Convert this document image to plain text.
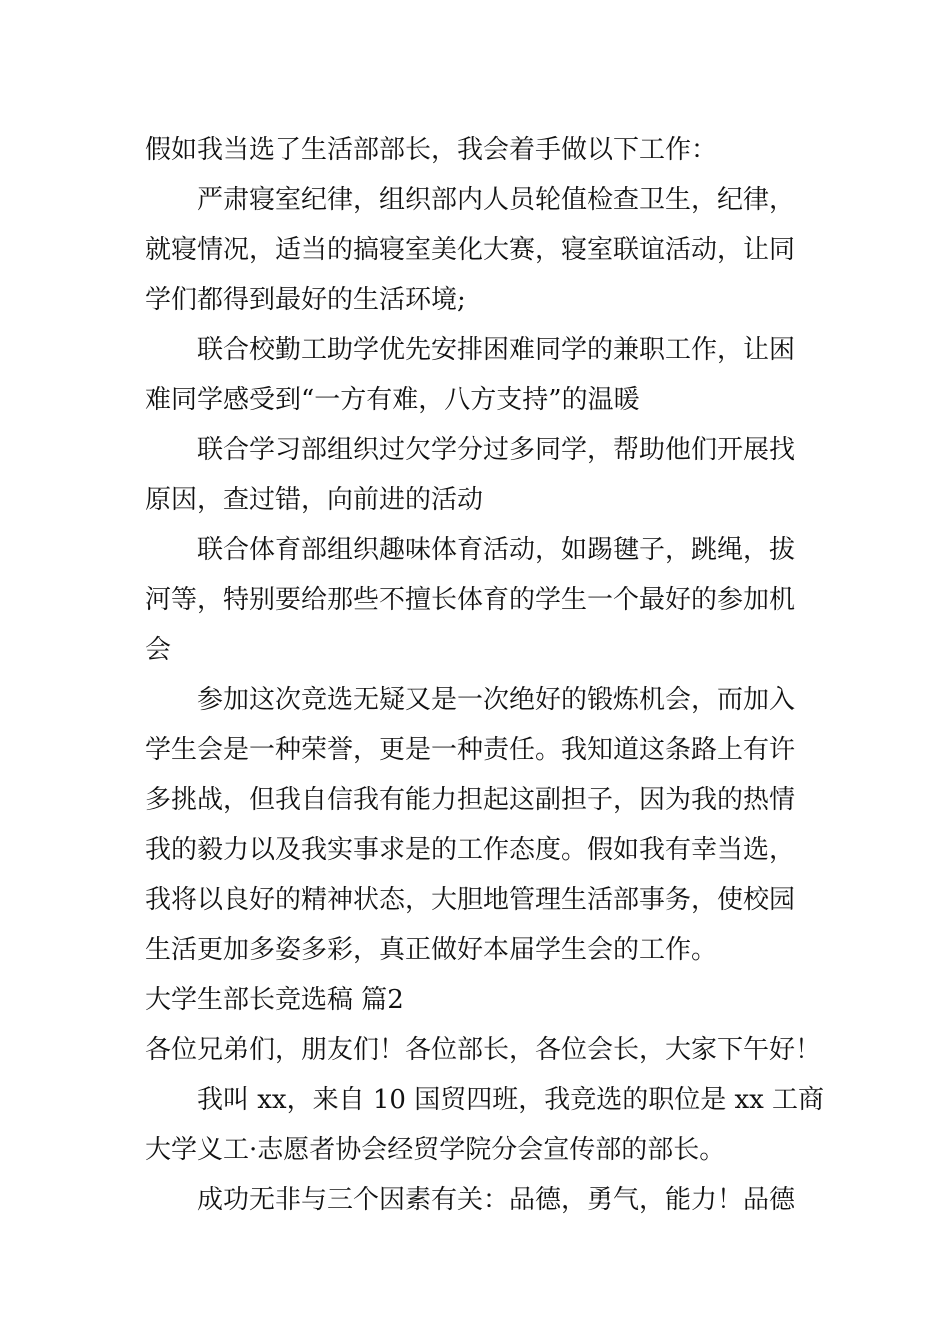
假如我当选了生活部部长，我会着手做以下工作：
严肃寝室纪律，组织部内人员轮值检查卫生，纪律，
就寝情况，适当的搞寝室美化大赛，寝室联谊活动，让同
学们都得到最好的生活环境;
联合校勤工助学优先安排困难同学的兼职工作，让困
难同学感受到“一方有难，八方支持”的温暖
联合学习部组织过欠学分过多同学，帮助他们开展找
原因，查过错，向前进的活动
联合体育部组织趣味体育活动，如踢毽子，跳绳，拔
河等，特别要给那些不擅长体育的学生一个最好的参加机
会
参加这次竞选无疑又是一次绝好的锻炼机会，而加入
学生会是一种荣誉，更是一种责任。我知道这条路上有许
多挑战，但我自信我有能力担起这副担子，因为我的热情
我的毅力以及我实事求是的工作态度。假如我有幸当选，
我将以良好的精神状态，大胆地管理生活部事务，使校园
生活更加多姿多彩，真正做好本届学生会的工作。
大学生部长竞选稿 篇2
各位兄弟们，朋友们！各位部长，各位会长，大家下午好！
我叫 xx，来自 10 国贸四班，我竞选的职位是 xx 工商
大学义工·志愿者协会经贸学院分会宣传部的部长。
成功无非与三个因素有关：品德，勇气，能力！品德
